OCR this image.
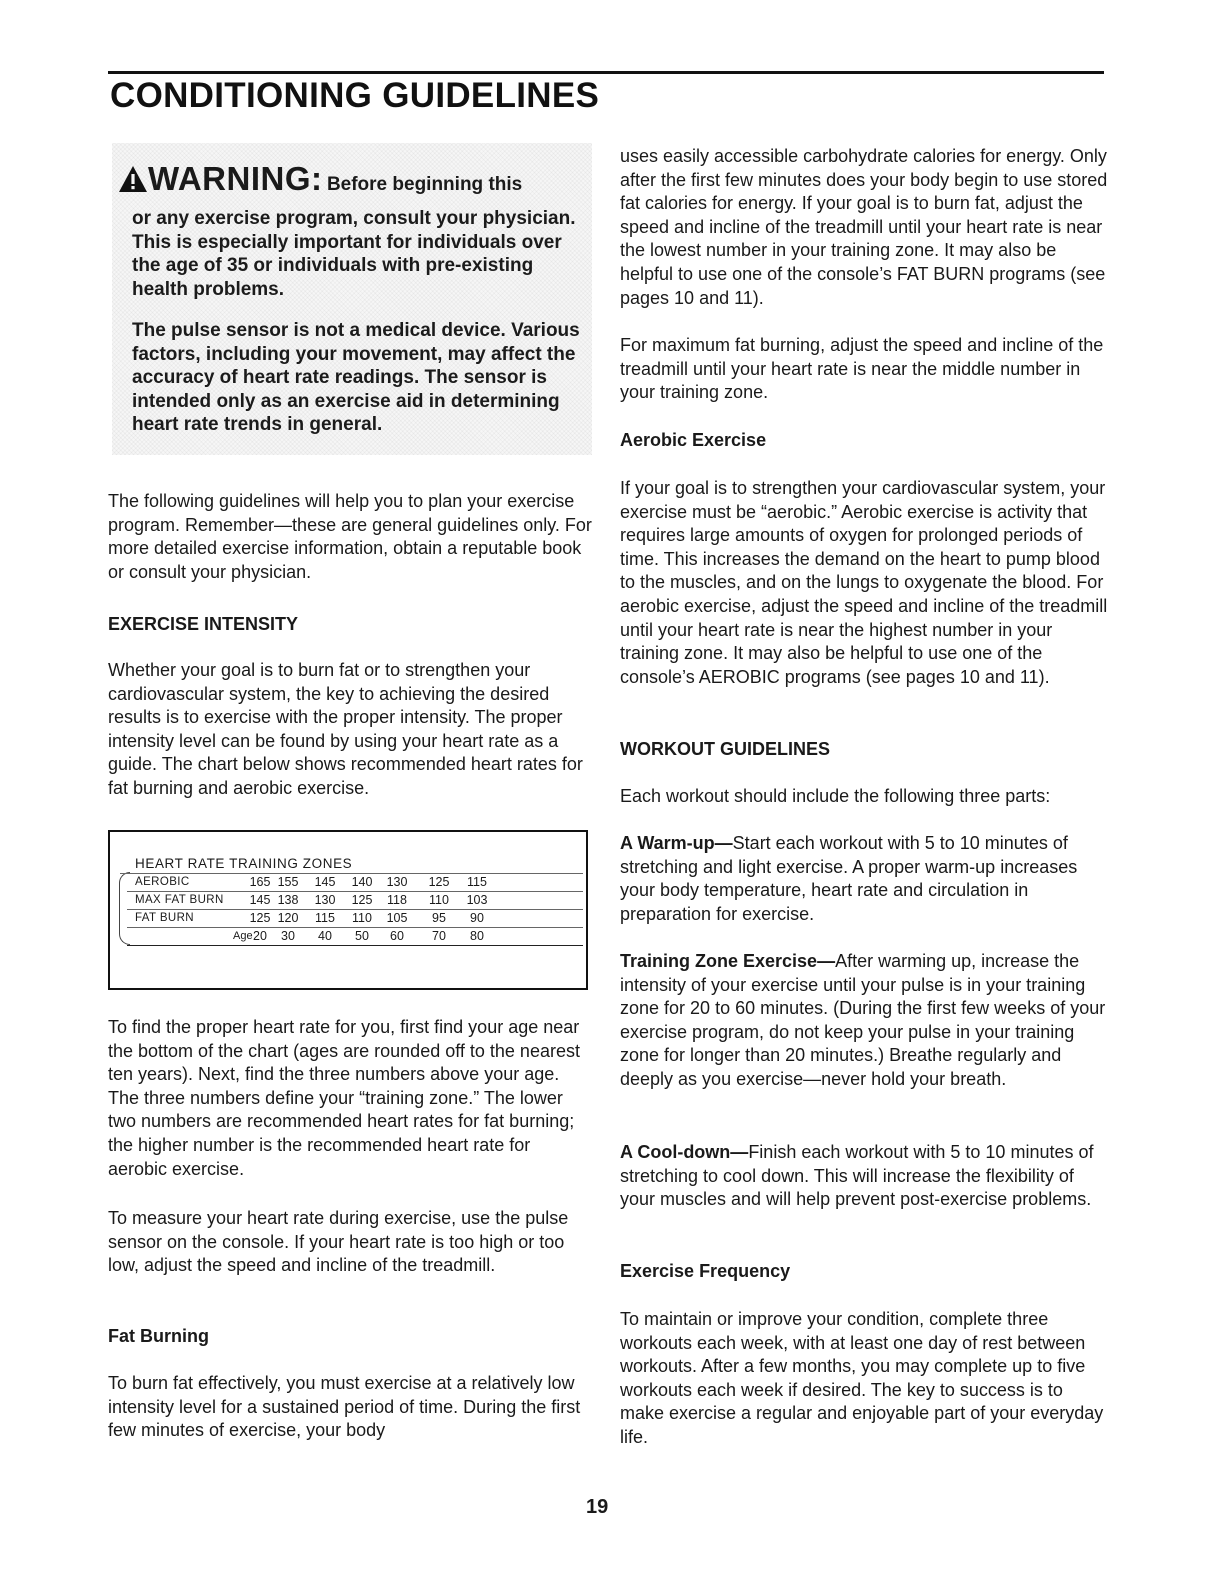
CONDITIONING GUIDELINES
WARNING: Before beginning this

or any exercise program, consult your physician. This is especially important for individuals over the age of 35 or individuals with pre-existing health problems.

The pulse sensor is not a medical device. Various factors, including your movement, may affect the accuracy of heart rate readings. The sensor is intended only as an exercise aid in determining heart rate trends in general.

The following guidelines will help you to plan your exercise program. Remember—these are general guidelines only. For more detailed exercise information, obtain a reputable book or consult your physician.

EXERCISE INTENSITY

Whether your goal is to burn fat or to strengthen your cardiovascular system, the key to achieving the desired results is to exercise with the proper intensity. The proper intensity level can be found by using your heart rate as a guide. The chart below shows recommended heart rates for fat burning and aerobic exercise.

HEART RATE TRAINING ZONES
AEROBIC	165 155	145	140	130	125	115
MAX FAT BURN	145 138	130	125	118	110	103
FAT BURN	125 120	115	110	105	95	90
Age 20	30	40	50	60	70	80

To find the proper heart rate for you, first find your age near the bottom of the chart (ages are rounded off to the nearest ten years). Next, find the three numbers above your age. The three numbers define your “training zone.” The lower two numbers are recommended heart rates for fat burning; the higher number is the recommended heart rate for aerobic exercise.

To measure your heart rate during exercise, use the pulse sensor on the console. If your heart rate is too high or too low, adjust the speed and incline of the treadmill.

Fat Burning

To burn fat effectively, you must exercise at a relatively low intensity level for a sustained period of time. During the first few minutes of exercise, your body

uses easily accessible carbohydrate calories for energy. Only after the first few minutes does your body begin to use stored fat calories for energy. If your goal is to burn fat, adjust the speed and incline of the treadmill until your heart rate is near the lowest number in your training zone. It may also be helpful to use one of the console’s FAT BURN programs (see pages 10 and 11).

For maximum fat burning, adjust the speed and incline of the treadmill until your heart rate is near the middle number in your training zone.

Aerobic Exercise

If your goal is to strengthen your cardiovascular system, your exercise must be “aerobic.” Aerobic exercise is activity that requires large amounts of oxygen for prolonged periods of time. This increases the demand on the heart to pump blood to the muscles, and on the lungs to oxygenate the blood. For aerobic exercise, adjust the speed and incline of the treadmill until your heart rate is near the highest number in your training zone. It may also be helpful to use one of the console’s AEROBIC programs (see pages 10 and 11).

WORKOUT GUIDELINES

Each workout should include the following three parts:

A Warm-up—Start each workout with 5 to 10 minutes of stretching and light exercise. A proper warm-up increases your body temperature, heart rate and circulation in preparation for exercise.

Training Zone Exercise—After warming up, increase the intensity of your exercise until your pulse is in your training zone for 20 to 60 minutes. (During the first few weeks of your exercise program, do not keep your pulse in your training zone for longer than 20 minutes.) Breathe regularly and deeply as you exercise—never hold your breath.

A Cool-down—Finish each workout with 5 to 10 minutes of stretching to cool down. This will increase the flexibility of your muscles and will help prevent post-exercise problems.

Exercise Frequency

To maintain or improve your condition, complete three workouts each week, with at least one day of rest between workouts. After a few months, you may complete up to five workouts each week if desired. The key to success is to make exercise a regular and enjoyable part of your everyday life.

19
